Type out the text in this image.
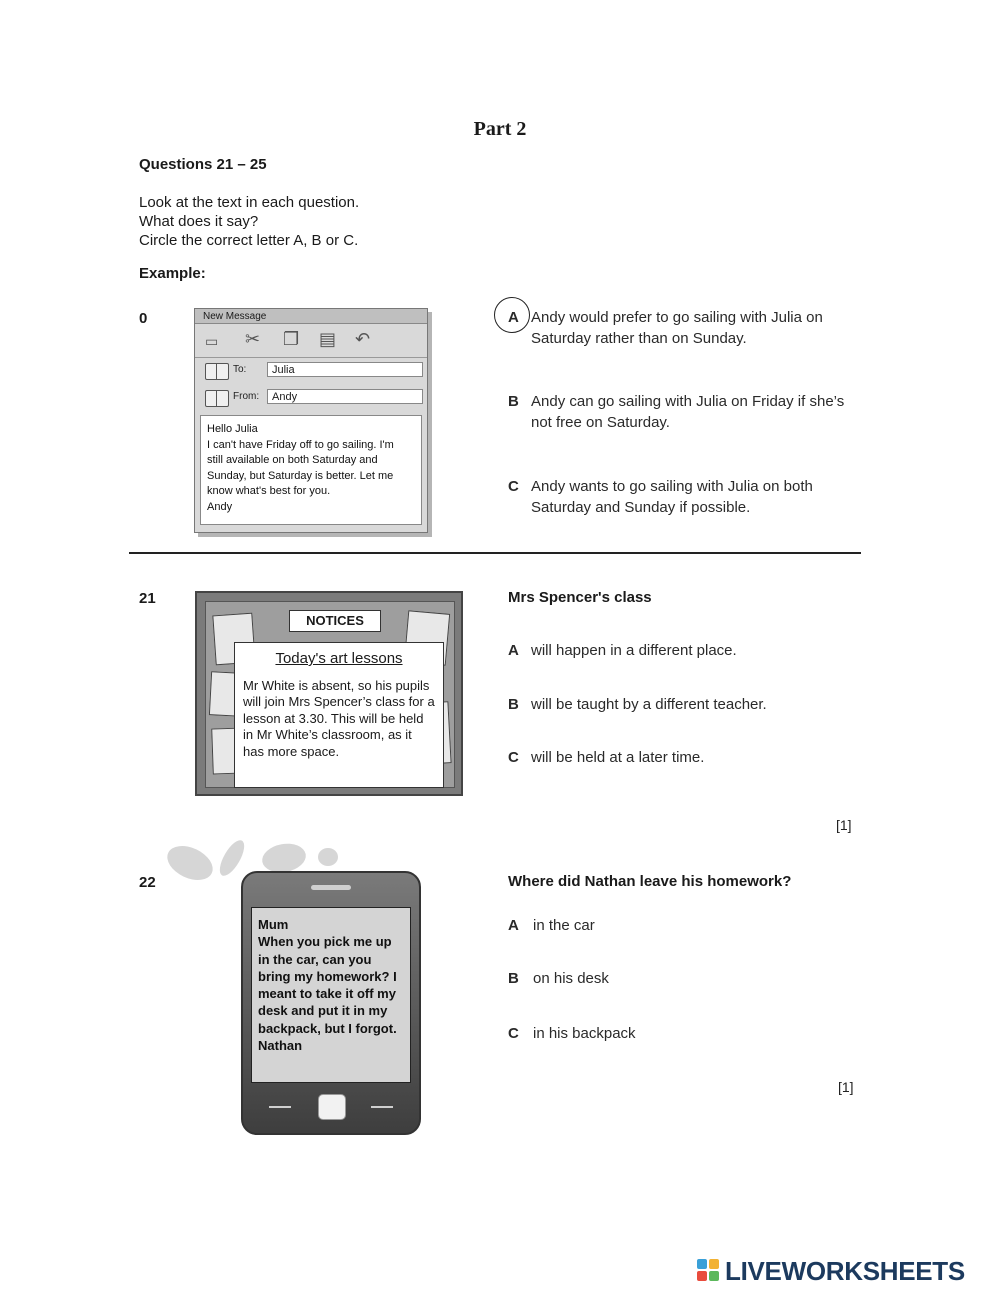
Part 2
Questions 21 – 25
Look at the text in each question.
What does it say?
Circle the correct letter A, B or C.
Example:
0	New Message
▭ ✂ ❐ ▤ ↶
To:	Julia
From:	Andy
Hello Julia
I can't have Friday off to go sailing. I'm
still available on both Saturday and
Sunday, but Saturday is better. Let me
know what's best for you.
Andy
A Andy would prefer to go sailing with Julia on Saturday rather than on Sunday.
B Andy can go sailing with Julia on Friday if she’s not free on Saturday.
C Andy wants to go sailing with Julia on both Saturday and Sunday if possible.
21
NOTICES
Today's art lessons
Mr White is absent, so his pupils will join Mrs Spencer’s class for a lesson at 3.30. This will be held in Mr White’s classroom, as it has more space.
Mrs Spencer's class
A will happen in a different place.
B will be taught by a different teacher.
C will be held at a later time.
[1]
22
Mum
When you pick me up in the car, can you bring my homework? I meant to take it off my desk and put it in my backpack, but I forgot.
Nathan
Where did Nathan leave his homework?
A in the car
B on his desk
C in his backpack
[1]
LIVEWORKSHEETS
